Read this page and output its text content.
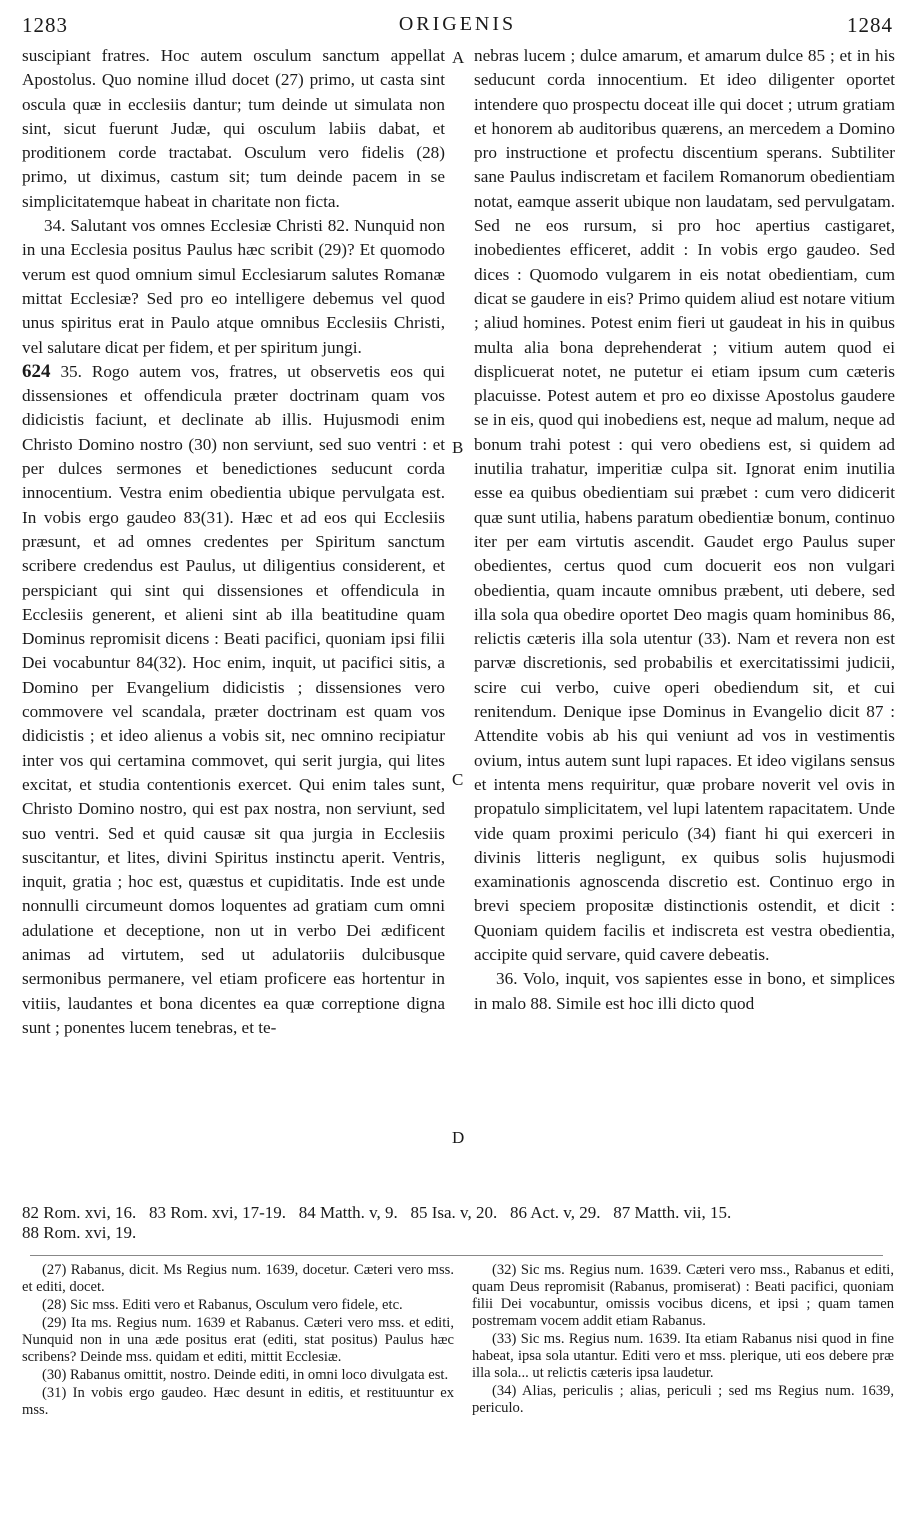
1283	ORIGENIS	1284
A
B
C
D

suscipiant fratres. Hoc autem osculum sanctum appellat Apostolus. Quo nomine illud docet (27) primo, ut casta sint oscula quæ in ecclesiis dantur; tum deinde ut simulata non sint, sicut fuerunt Judæ, qui osculum labiis dabat, et proditionem corde tractabat. Osculum vero fidelis (28) primo, ut diximus, castum sit; tum deinde pacem in se simplicitatemque habeat in charitate non ficta.

34. Salutant vos omnes Ecclesiæ Christi 82. Nunquid non in una Ecclesia positus Paulus hæc scribit (29)? Et quomodo verum est quod omnium simul Ecclesiarum salutes Romanæ mittat Ecclesiæ? Sed pro eo intelligere debemus vel quod unus spiritus erat in Paulo atque omnibus Ecclesiis Christi, vel salutare dicat per fidem, et per spiritum jungi.

624 35. Rogo autem vos, fratres, ut observetis eos qui dissensiones et offendicula præter doctrinam quam vos didicistis faciunt, et declinate ab illis. Hujusmodi enim Christo Domino nostro (30) non serviunt, sed suo ventri : et per dulces sermones et benedictiones seducunt corda innocentium. Vestra enim obedientia ubique pervulgata est. In vobis ergo gaudeo 83(31). Hæc et ad eos qui Ecclesiis præsunt, et ad omnes credentes per Spiritum sanctum scribere credendus est Paulus, ut diligentius considerent, et perspiciant qui sint qui dissensiones et offendicula in Ecclesiis generent, et alieni sint ab illa beatitudine quam Dominus repromisit dicens : Beati pacifici, quoniam ipsi filii Dei vocabuntur 84(32). Hoc enim, inquit, ut pacifici sitis, a Domino per Evangelium didicistis ; dissensiones vero commovere vel scandala, præter doctrinam est quam vos didicistis ; et ideo alienus a vobis sit, nec omnino recipiatur inter vos qui certamina commovet, qui serit jurgia, qui lites excitat, et studia contentionis exercet. Qui enim tales sunt, Christo Domino nostro, qui est pax nostra, non serviunt, sed suo ventri. Sed et quid causæ sit qua jurgia in Ecclesiis suscitantur, et lites, divini Spiritus instinctu aperit. Ventris, inquit, gratia ; hoc est, quæstus et cupiditatis. Inde est unde nonnulli circumeunt domos loquentes ad gratiam cum omni adulatione et deceptione, non ut in verbo Dei ædificent animas ad virtutem, sed ut adulatoriis dulcibusque sermonibus permanere, vel etiam proficere eas hortentur in vitiis, laudantes et bona dicentes ea quæ correptione digna sunt ; ponentes lucem tenebras, et te-

nebras lucem ; dulce amarum, et amarum dulce 85 ; et in his seducunt corda innocentium. Et ideo diligenter oportet intendere quo prospectu doceat ille qui docet ; utrum gratiam et honorem ab auditoribus quærens, an mercedem a Domino pro instructione et profectu discentium sperans. Subtiliter sane Paulus indiscretam et facilem Romanorum obedientiam notat, eamque asserit ubique non laudatam, sed pervulgatam. Sed ne eos rursum, si pro hoc apertius castigaret, inobedientes efficeret, addit : In vobis ergo gaudeo. Sed dices : Quomodo vulgarem in eis notat obedientiam, cum dicat se gaudere in eis? Primo quidem aliud est notare vitium ; aliud homines. Potest enim fieri ut gaudeat in his in quibus multa alia bona deprehenderat ; vitium autem quod ei displicuerat notet, ne putetur ei etiam ipsum cum cæteris placuisse. Potest autem et pro eo dixisse Apostolus gaudere se in eis, quod qui inobediens est, neque ad malum, neque ad bonum trahi potest : qui vero obediens est, si quidem ad inutilia trahatur, imperitiæ culpa sit. Ignorat enim inutilia esse ea quibus obedientiam sui præbet : cum vero didicerit quæ sunt utilia, habens paratum obedientiæ bonum, continuo iter per eam virtutis ascendit. Gaudet ergo Paulus super obedientes, certus quod cum docuerit eos non vulgari obedientia, quam incaute omnibus præbent, uti debere, sed illa sola qua obedire oportet Deo magis quam hominibus 86, relictis cæteris illa sola utentur (33). Nam et revera non est parvæ discretionis, sed probabilis et exercitatissimi judicii, scire cui verbo, cuive operi obediendum sit, et cui renitendum. Denique ipse Dominus in Evangelio dicit 87 : Attendite vobis ab his qui veniunt ad vos in vestimentis ovium, intus autem sunt lupi rapaces. Et ideo vigilans sensus et intenta mens requiritur, quæ probare noverit vel ovis in propatulo simplicitatem, vel lupi latentem rapacitatem. Unde vide quam proximi periculo (34) fiant hi qui exerceri in divinis litteris negligunt, ex quibus solis hujusmodi examinationis agnoscenda discretio est. Continuo ergo in brevi speciem propositæ distinctionis ostendit, et dicit : Quoniam quidem facilis et indiscreta est vestra obedientia, accipite quid servare, quid cavere debeatis.

36. Volo, inquit, vos sapientes esse in bono, et simplices in malo 88. Simile est hoc illi dicto quod

82 Rom. xvi, 16.   83 Rom. xvi, 17-19.   84 Matth. v, 9.   85 Isa. v, 20.   86 Act. v, 29.   87 Matth. vii, 15.
88 Rom. xvi, 19.

(27) Rabanus, dicit. Ms Regius num. 1639, docetur. Cæteri vero mss. et editi, docet.

(28) Sic mss. Editi vero et Rabanus, Osculum vero fidele, etc.

(29) Ita ms. Regius num. 1639 et Rabanus. Cæteri vero mss. et editi, Nunquid non in una æde positus erat (editi, stat positus) Paulus hæc scribens? Deinde mss. quidam et editi, mittit Ecclesiæ.

(30) Rabanus omittit, nostro. Deinde editi, in omni loco divulgata est.

(31) In vobis ergo gaudeo. Hæc desunt in editis, et restituuntur ex mss.

(32) Sic ms. Regius num. 1639. Cæteri vero mss., Rabanus et editi, quam Deus repromisit (Rabanus, promiserat) : Beati pacifici, quoniam filii Dei vocabuntur, omissis vocibus dicens, et ipsi ; quam tamen postremam vocem addit etiam Rabanus.

(33) Sic ms. Regius num. 1639. Ita etiam Rabanus nisi quod in fine habeat, ipsa sola utantur. Editi vero et mss. plerique, uti eos debere præ illa sola... ut relictis cæteris ipsa laudetur.

(34) Alias, periculis ; alias, periculi ; sed ms Regius num. 1639, periculo.
